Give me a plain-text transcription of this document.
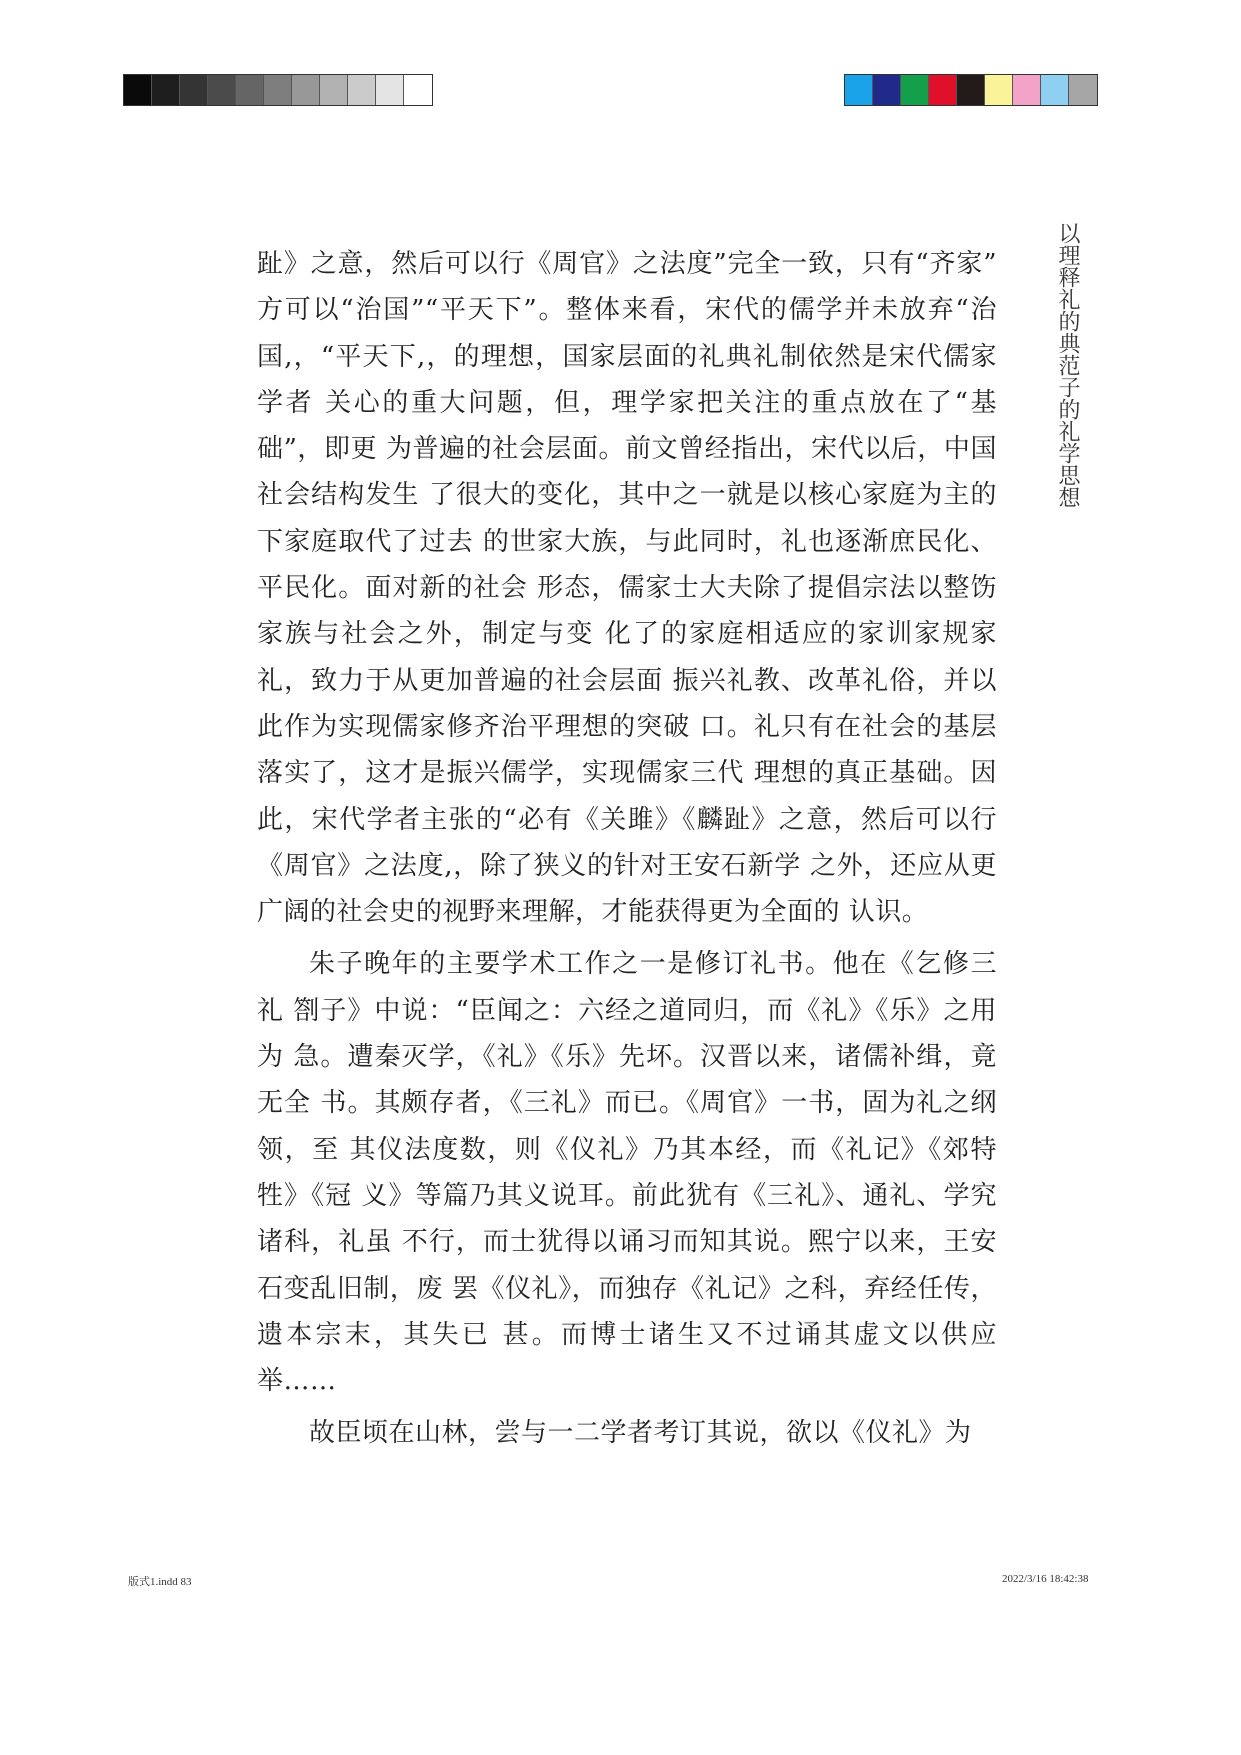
以理释礼的典范子的礼学思想

趾》之意，然后可以行《周官》之法度”完全一致，只有“齐家” 方可以“治国”“平天下”。整体来看，宋代的儒学并未放弃“治 国,，“平天下,，的理想，国家层面的礼典礼制依然是宋代儒家学者 关心的重大问题，但，理学家把关注的重点放在了“基础”，即更 为普遍的社会层面。前文曾经指出，宋代以后，中国社会结构发生 了很大的变化，其中之一就是以核心家庭为主的下家庭取代了过去 的世家大族，与此同时，礼也逐渐庶民化、平民化。面对新的社会 形态，儒家士大夫除了提倡宗法以整饬家族与社会之外，制定与变 化了的家庭相适应的家训家规家礼，致力于从更加普遍的社会层面 振兴礼教、改革礼俗，并以此作为实现儒家修齐治平理想的突破 口。礼只有在社会的基层落实了，这才是振兴儒学，实现儒家三代 理想的真正基础。因此，宋代学者主张的“必有《关雎》《麟趾》之意，然后可以行《周官》之法度,，除了狭义的针对王安石新学 之外，还应从更广阔的社会史的视野来理解，才能获得更为全面的 认识。

朱子晚年的主要学术工作之一是修订礼书。他在《乞修三礼 劄子》中说：“臣闻之：六经之道同归，而《礼》《乐》之用为 急。遭秦灭学，《礼》《乐》先坏。汉晋以来，诸儒补缉，竟无全 书。其颇存者，《三礼》而已。《周官》一书，固为礼之纲领，至 其仪法度数，则《仪礼》乃其本经，而《礼记》《郊特牲》《冠 义》等篇乃其义说耳。前此犹有《三礼》、通礼、学究诸科，礼虽 不行，而士犹得以诵习而知其说。熙宁以来，王安石变乱旧制，废 罢《仪礼》，而独存《礼记》之科，弃经任传，遗本宗末，其失已 甚。而博士诸生又不过诵其虚文以供应举……

故臣顷在山林，尝与一二学者考订其说，欲以《仪礼》为

版式1.indd 83	2022/3/16 18:42:38
